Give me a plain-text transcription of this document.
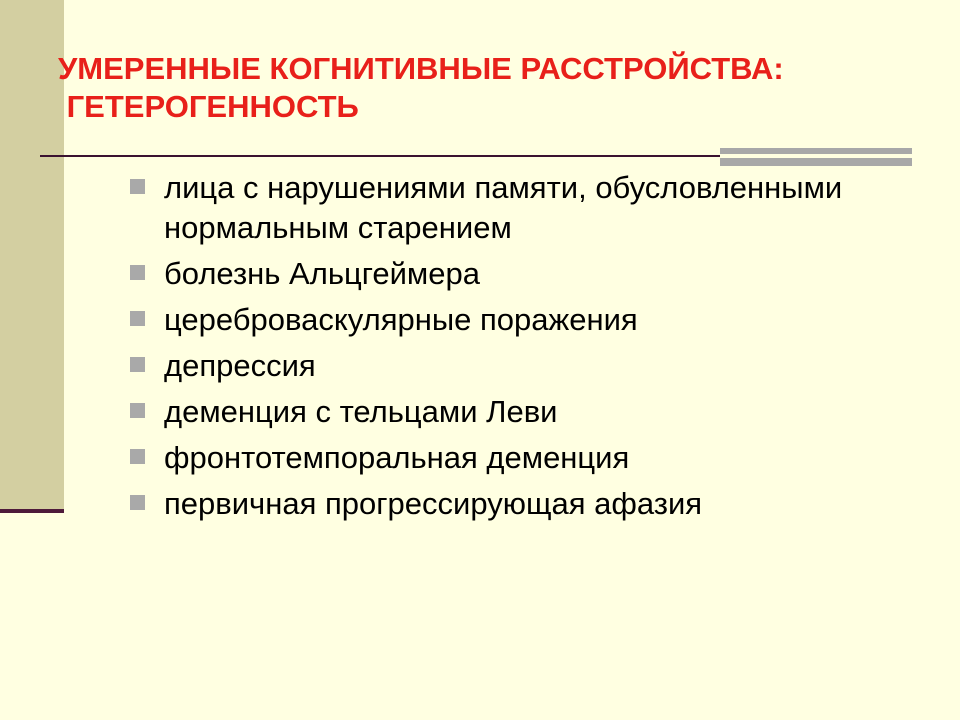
УМЕРЕННЫЕ КОГНИТИВНЫЕ РАССТРОЙСТВА:
ГЕТЕРОГЕННОСТЬ
лица с нарушениями памяти, обусловленными нормальным старением
болезнь Альцгеймера
цереброваскулярные поражения
депрессия
деменция с тельцами Леви
фронтотемпоральная деменция
первичная прогрессирующая афазия
